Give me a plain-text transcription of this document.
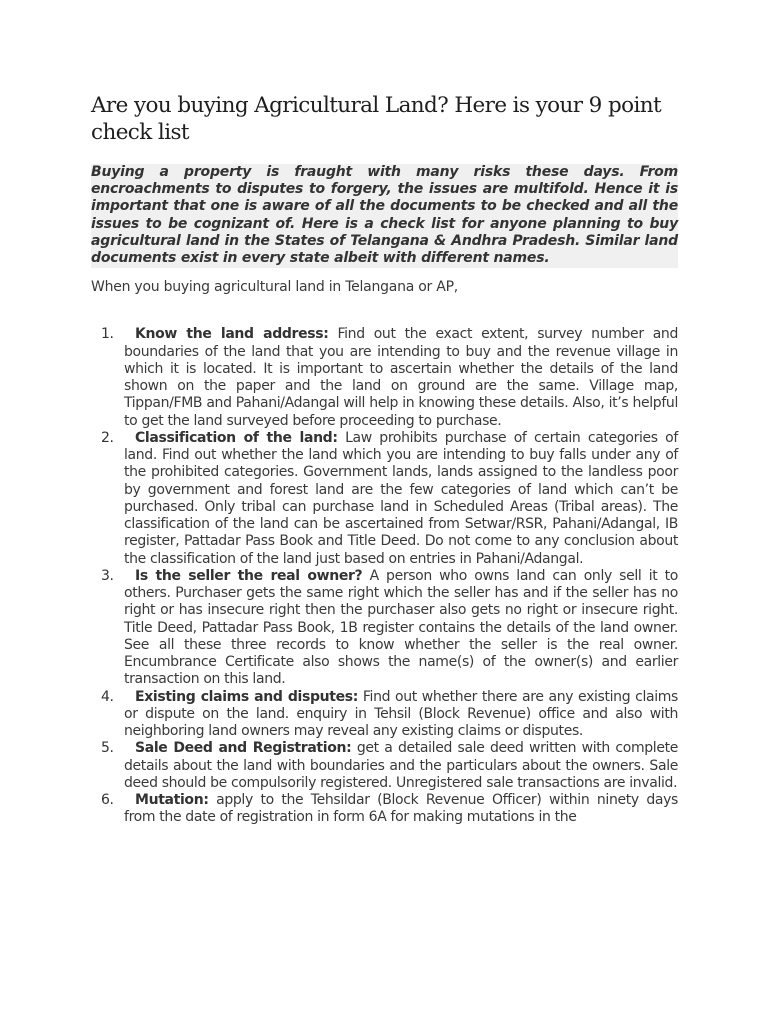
Are you buying Agricultural Land? Here is your 9 point check list
Buying a property is fraught with many risks these days. From encroachments to disputes to forgery, the issues are multifold. Hence it is important that one is aware of all the documents to be checked and all the issues to be cognizant of. Here is a check list for anyone planning to buy agricultural land in the States of Telangana & Andhra Pradesh. Similar land documents exist in every state albeit with different names.
When you buying agricultural land in Telangana or AP,
1. Know the land address: Find out the exact extent, survey number and boundaries of the land that you are intending to buy and the revenue village in which it is located. It is important to ascertain whether the details of the land shown on the paper and the land on ground are the same. Village map, Tippan/FMB and Pahani/Adangal will help in knowing these details. Also, it’s helpful to get the land surveyed before proceeding to purchase.
2. Classification of the land: Law prohibits purchase of certain categories of land. Find out whether the land which you are intending to buy falls under any of the prohibited categories. Government lands, lands assigned to the landless poor by government and forest land are the few categories of land which can’t be purchased. Only tribal can purchase land in Scheduled Areas (Tribal areas). The classification of the land can be ascertained from Setwar/RSR, Pahani/Adangal, IB register, Pattadar Pass Book and Title Deed. Do not come to any conclusion about the classification of the land just based on entries in Pahani/Adangal.
3. Is the seller the real owner? A person who owns land can only sell it to others. Purchaser gets the same right which the seller has and if the seller has no right or has insecure right then the purchaser also gets no right or insecure right. Title Deed, Pattadar Pass Book, 1B register contains the details of the land owner. See all these three records to know whether the seller is the real owner. Encumbrance Certificate also shows the name(s) of the owner(s) and earlier transaction on this land.
4. Existing claims and disputes: Find out whether there are any existing claims or dispute on the land. enquiry in Tehsil (Block Revenue) office and also with neighboring land owners may reveal any existing claims or disputes.
5. Sale Deed and Registration: get a detailed sale deed written with complete details about the land with boundaries and the particulars about the owners. Sale deed should be compulsorily registered. Unregistered sale transactions are invalid.
6. Mutation: apply to the Tehsildar (Block Revenue Officer) within ninety days from the date of registration in form 6A for making mutations in the
